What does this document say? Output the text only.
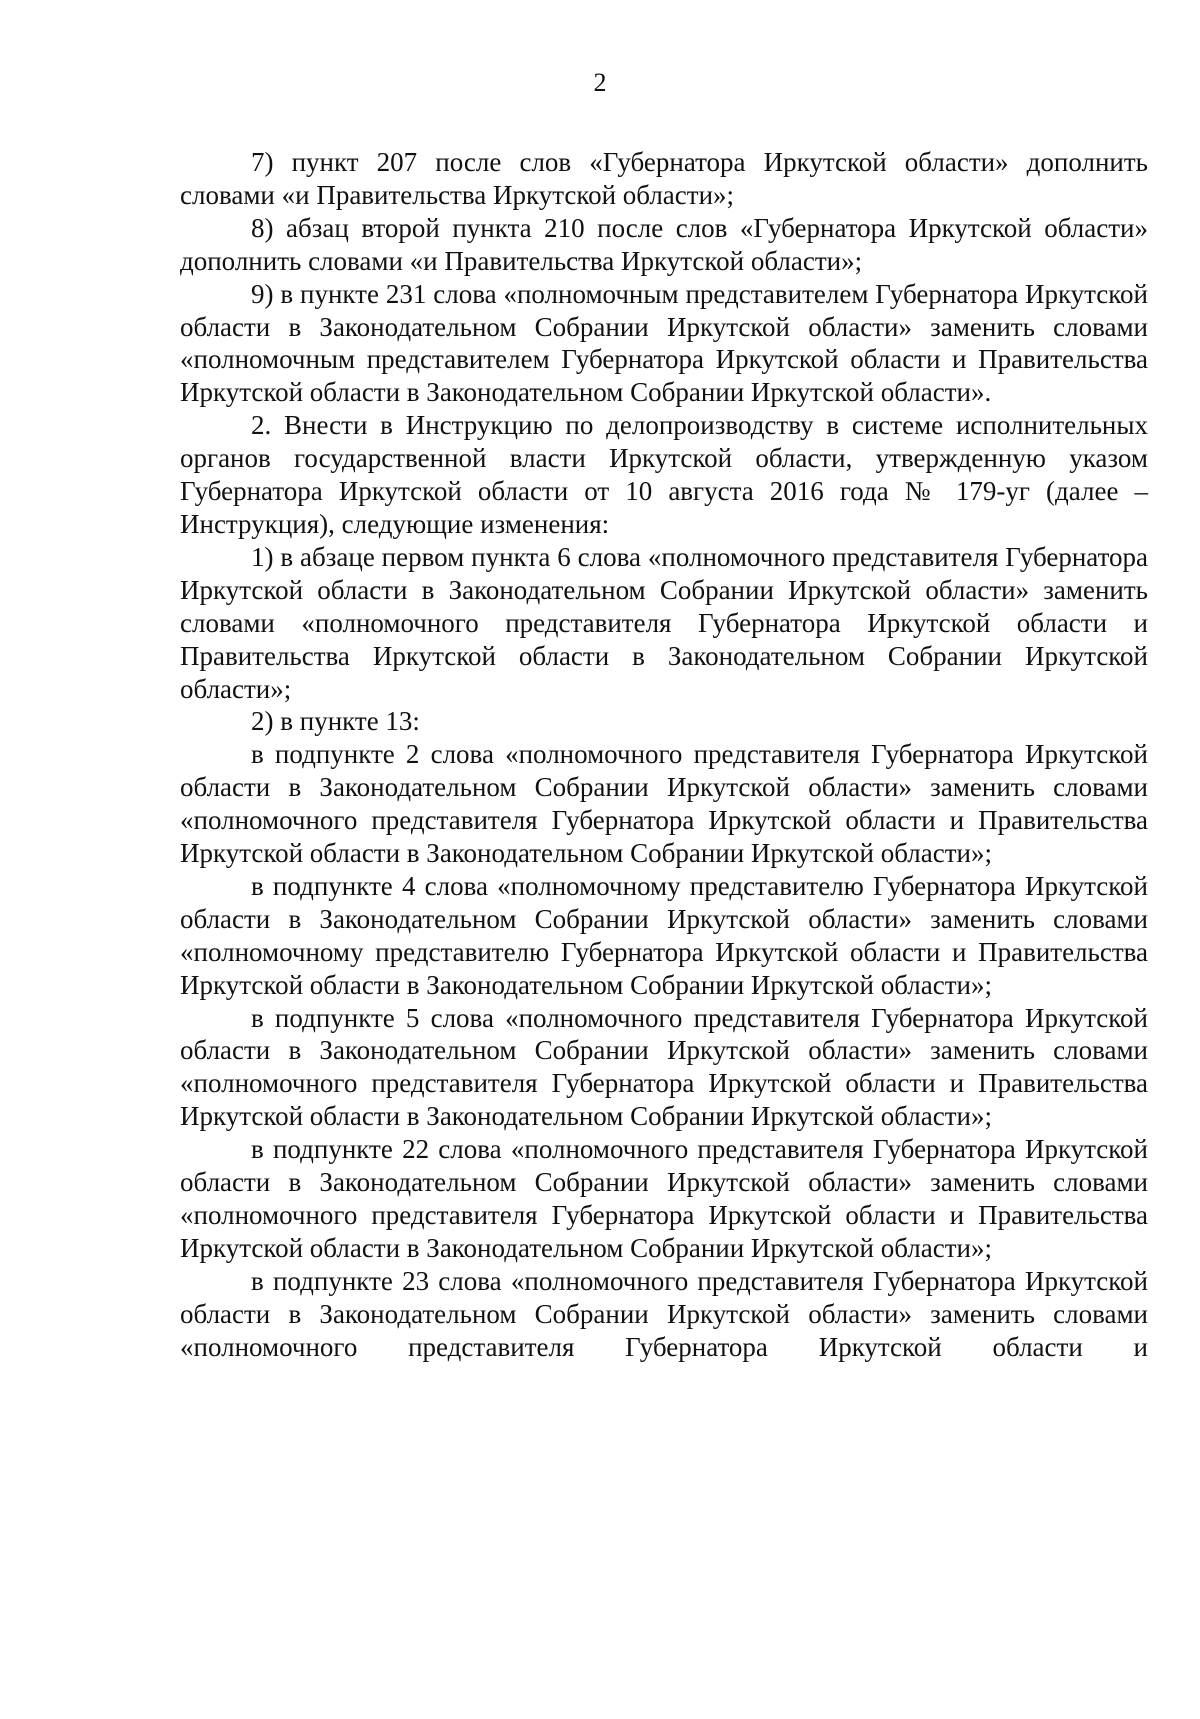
2

7) пункт 207 после слов «Губернатора Иркутской области» дополнить словами «и Правительства Иркутской области»;

8) абзац второй пункта 210 после слов «Губернатора Иркутской области» дополнить словами «и Правительства Иркутской области»;

9) в пункте 231 слова «полномочным представителем Губернатора Иркутской области в Законодательном Собрании Иркутской области» заменить словами «полномочным представителем Губернатора Иркутской области и Правительства Иркутской области в Законодательном Собрании Иркутской области».

2. Внести в Инструкцию по делопроизводству в системе исполнительных органов государственной власти Иркутской области, утвержденную указом Губернатора Иркутской области от 10 августа 2016 года № 179-уг (далее – Инструкция), следующие изменения:

1) в абзаце первом пункта 6 слова «полномочного представителя Губернатора Иркутской области в Законодательном Собрании Иркутской области» заменить словами «полномочного представителя Губернатора Иркутской области и Правительства Иркутской области в Законодательном Собрании Иркутской области»;

2) в пункте 13:

в подпункте 2 слова «полномочного представителя Губернатора Иркутской области в Законодательном Собрании Иркутской области» заменить словами «полномочного представителя Губернатора Иркутской области и Правительства Иркутской области в Законодательном Собрании Иркутской области»;

в подпункте 4 слова «полномочному представителю Губернатора Иркутской области в Законодательном Собрании Иркутской области» заменить словами «полномочному представителю Губернатора Иркутской области и Правительства Иркутской области в Законодательном Собрании Иркутской области»;

в подпункте 5 слова «полномочного представителя Губернатора Иркутской области в Законодательном Собрании Иркутской области» заменить словами «полномочного представителя Губернатора Иркутской области и Правительства Иркутской области в Законодательном Собрании Иркутской области»;

в подпункте 22 слова «полномочного представителя Губернатора Иркутской области в Законодательном Собрании Иркутской области» заменить словами «полномочного представителя Губернатора Иркутской области и Правительства Иркутской области в Законодательном Собрании Иркутской области»;

в подпункте 23 слова «полномочного представителя Губернатора Иркутской области в Законодательном Собрании Иркутской области» заменить словами «полномочного представителя Губернатора Иркутской области и
